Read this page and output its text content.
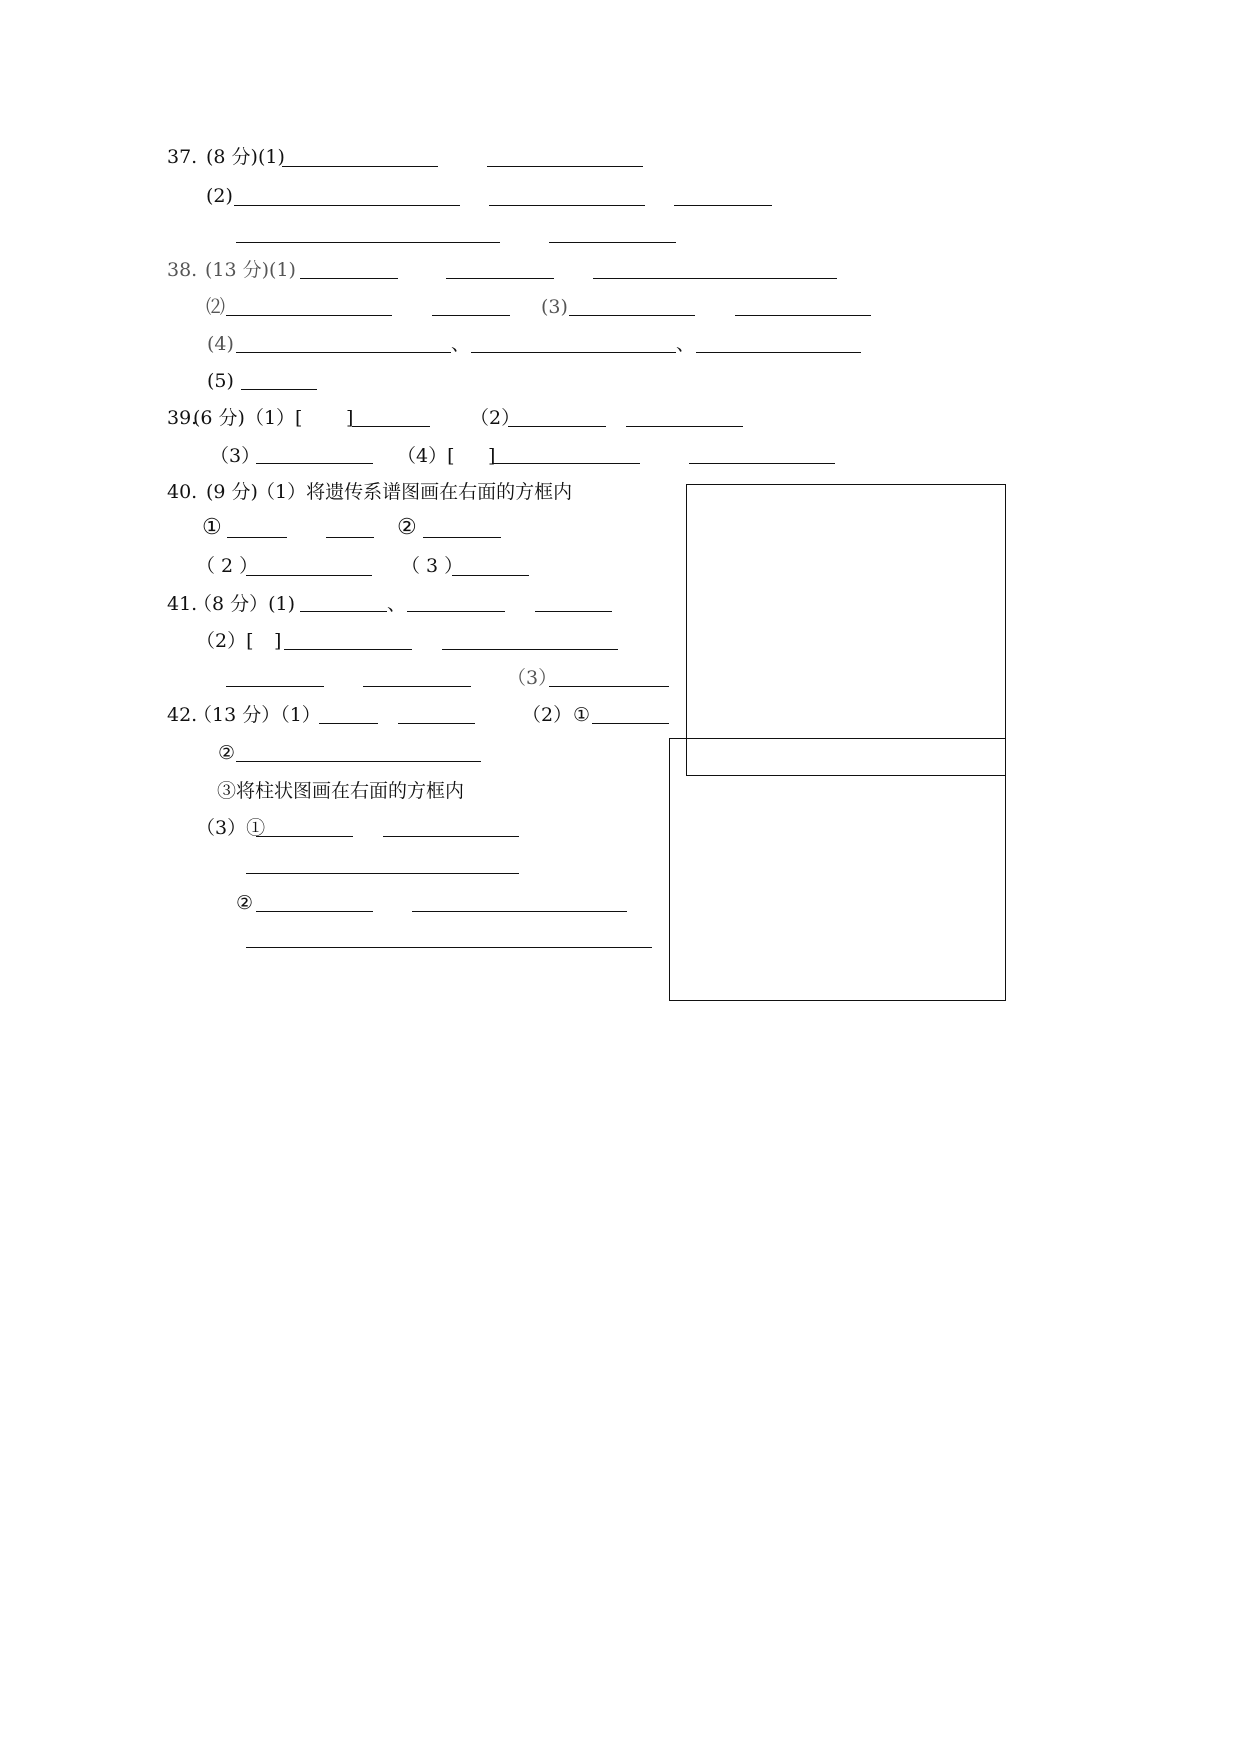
37. (8 分)(1)
(2)
38. (13 分)(1)
⑵	(3)
(4)	、	、
(5)
39.
(6 分)（1）[ ]	（2）
（3）	（4）[ ]
40. (9 分)
（1）将遗传系谱图画在右面的方框内
①	②
（ 2 ）	（ 3 ）
41.
（8 分）(1)	、
（2）[ ]
（3）
42.
（13 分）（1）	（2） ①
②
③将柱状图画在右面的方框内
（3）①
②
